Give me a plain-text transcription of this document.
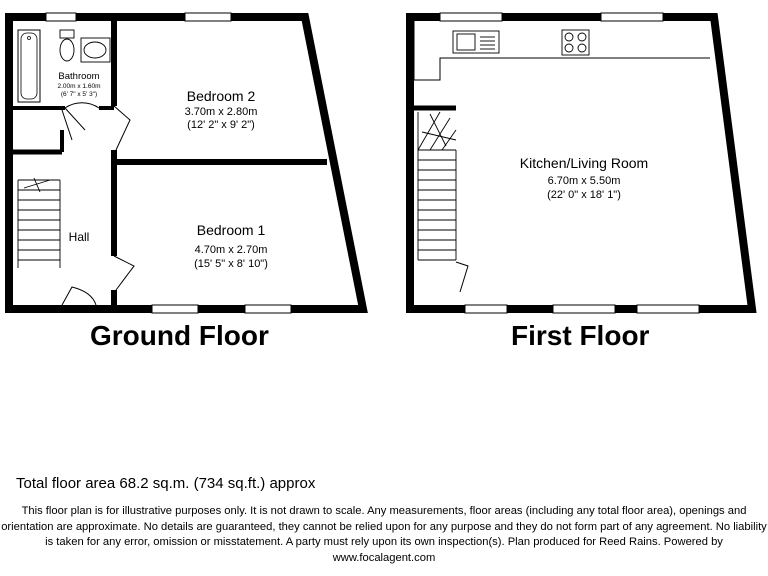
Bathroom
2.00m x 1.60m
(6' 7" x 5' 3")	Bedroom 2
3.70m x 2.80m
(12' 2" x 9' 2")
Bedroom 1
4.70m x 2.70m
(15' 5" x 8' 10")
Hall
Kitchen/Living Room
6.70m x 5.50m
(22' 0" x 18' 1")
Ground Floor	First Floor
Total floor area 68.2 sq.m. (734 sq.ft.) approx
This floor plan is for illustrative purposes only. It is not drawn to scale. Any measurements, floor areas (including any total floor area), openings and orientation are approximate. No details are guaranteed, they cannot be relied upon for any purpose and they do not form part of any agreement. No liability is taken for any error, omission or misstatement. A party must rely upon its own inspection(s). Plan produced for Reed Rains. Powered by www.focalagent.com
